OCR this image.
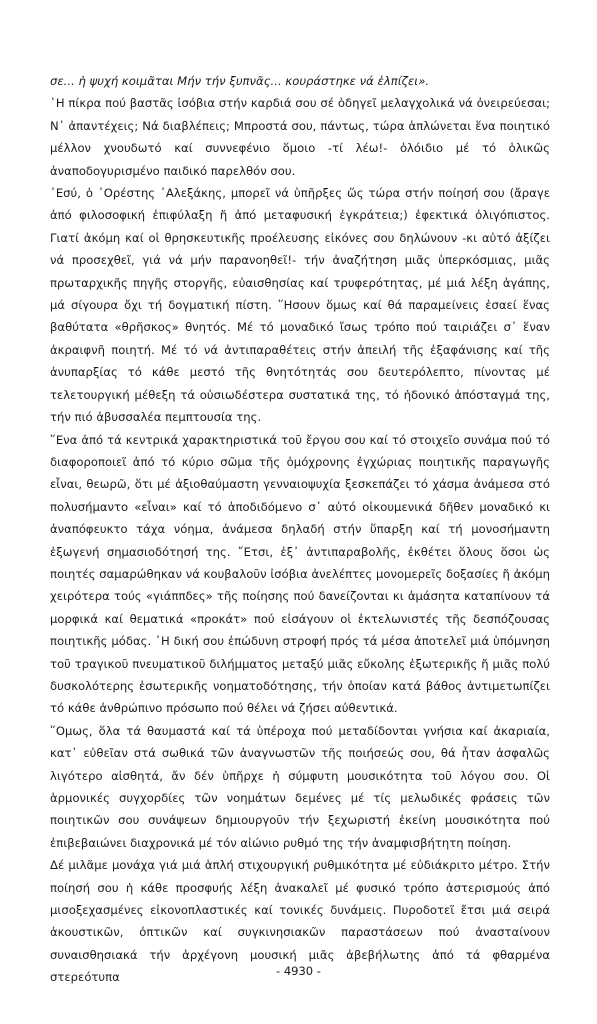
σε... ἡ ψυχή κοιμᾶται Μήν τήν ξυπνᾶς... κουράστηκε νά ἐλπίζει».

῾Η πίκρα πού βαστᾶς ἰσόβια στήν καρδιά σου σέ ὁδηγεῖ μελαγχολικά νά ὀνειρεύεσαι; Ν᾿ ἀπαντέχεις; Νά διαβλέπεις; Μπροστά σου, πάντως, τώρα ἁπλώνεται ἕνα ποιητικό μέλλον χνουδωτό καί συννεφένιο ὅμοιο -τί λέω!- ὁλόιδιο μέ τό ὁλικῶς ἀναποδογυρισμένο παιδικό παρελθόν σου.

᾿Εσύ, ὁ ᾿Ορέστης ᾿Αλεξάκης, μπορεῖ νά ὑπῆρξες ὥς τώρα στήν ποίησή σου (ἄραγε ἀπό φιλοσοφική ἐπιφύλαξη ἤ ἀπό μεταφυσική ἐγκράτεια;) ἐφεκτικά ὀλιγόπιστος. Γιατί ἀκόμη καί οἱ θρησκευτικῆς προέλευσης εἰκόνες σου δηλώνουν -κι αὐτό ἀξίζει νά προσεχθεῖ, γιά νά μήν παρανοηθεῖ!- τήν ἀναζήτηση μιᾶς ὑπερκόσμιας, μιᾶς πρωταρχικῆς πηγῆς στοργῆς, εὐαισθησίας καί τρυφερότητας, μέ μιά λέξη ἀγάπης, μά σίγουρα ὄχι τή δογματική πίστη. ῞Ησουν ὅμως καί θά παραμείνεις ἐσαεί ἕνας βαθύτατα «θρῆσκος» θνητός. Μέ τό μοναδικό ἴσως τρόπο πού ταιριάζει σ᾿ ἕναν ἀκραιφνῆ ποιητή. Μέ τό νά ἀντιπαραθέτεις στήν ἀπειλή τῆς ἐξαφάνισης καί τῆς ἀνυπαρξίας τό κάθε μεστό τῆς θνητότητάς σου δευτερόλεπτο, πίνοντας μέ τελετουργική μέθεξη τά οὐσιωδέστερα συστατικά της, τό ἡδονικό ἀπόσταγμά της, τήν πιό ἀβυσσαλέα πεμπτουσία της.

῞Ενα ἀπό τά κεντρικά χαρακτηριστικά τοῦ ἔργου σου καί τό στοιχεῖο συνάμα πού τό διαφοροποιεῖ ἀπό τό κύριο σῶμα τῆς ὁμόχρονης ἐγχώριας ποιητικῆς παραγωγῆς εἶναι, θεωρῶ, ὅτι μέ ἀξιοθαύμαστη γενναιοψυχία ξεσκεπάζει τό χάσμα ἀνάμεσα στό πολυσήμαντο «εἶναι» καί τό ἀποδιδόμενο σ᾿ αὐτό οἰκουμενικά δῆθεν μοναδικό κι ἀναπόφευκτο τάχα νόημα, ἀνάμεσα δηλαδή στήν ὕπαρξη καί τή μονοσήμαντη ἐξωγενή σημασιοδότησή της. ῎Ετσι, ἐξ᾿ ἀντιπαραβολῆς, ἐκθέτει ὅλους ὅσοι ὡς ποιητές σαμαρώθηκαν νά κουβαλοῦν ἰσόβια ἀνελέπτες μονομερεῖς δοξασίες ἤ ἀκόμη χειρότερα τούς «γιάππδες» τῆς ποίησης πού δανείζονται κι ἀμάσητα καταπίνουν τά μορφικά καί θεματικά «προκάτ» πού εἰσάγουν οἱ ἐκτελωνιστές τῆς δεσπόζουσας ποιητικῆς μόδας. ῾Η δική σου ἐπώδυνη στροφή πρός τά μέσα ἀποτελεῖ μιά ὑπόμνηση τοῦ τραγικοῦ πνευματικοῦ διλήμματος μεταξύ μιᾶς εὔκολης ἐξωτερικῆς ἤ μιᾶς πολύ δυσκολότερης ἐσωτερικῆς νοηματοδότησης, τήν ὁποίαν κατά βάθος ἀντιμετωπίζει τό κάθε ἀνθρώπινο πρόσωπο πού θέλει νά ζήσει αὐθεντικά.

῞Ομως, ὅλα τά θαυμαστά καί τά ὑπέροχα πού μεταδίδονται γνήσια καί ἀκαριαία, κατ᾿ εὐθεῖαν στά σωθικά τῶν ἀναγνωστῶν τῆς ποιήσεώς σου, θά ἦταν ἀσφαλῶς λιγότερο αἰσθητά, ἄν δέν ὑπῆρχε ἡ σύμφυτη μουσικότητα τοῦ λόγου σου. Οἱ ἁρμονικές συγχορδίες τῶν νοημάτων δεμένες μέ τίς μελωδικές φράσεις τῶν ποιητικῶν σου συνάψεων δημιουργοῦν τήν ξεχωριστή ἐκείνη μουσικότητα πού ἐπιβεβαιώνει διαχρονικά μέ τόν αἰώνιο ρυθμό της τήν ἀναμφισβήτητη ποίηση.

Δέ μιλᾶμε μονάχα γιά μιά ἁπλή στιχουργική ρυθμικότητα μέ εὐδιάκριτο μέτρο. Στήν ποίησή σου ἡ κάθε προσφυής λέξη ἀνακαλεῖ μέ φυσικό τρόπο ἀστερισμούς ἀπό μισοξεχασμένες εἰκονοπλαστικές καί τονικές δυνάμεις. Πυροδοτεῖ ἔτσι μιά σειρά ἀκουστικῶν, ὀπτικῶν καί συγκινησιακῶν παραστάσεων πού ἀνασταίνουν συναισθησιακά τήν ἀρχέγονη μουσική μιᾶς ἀβεβήλωτης ἀπό τά φθαρμένα στερεότυπα	- 4930 -
